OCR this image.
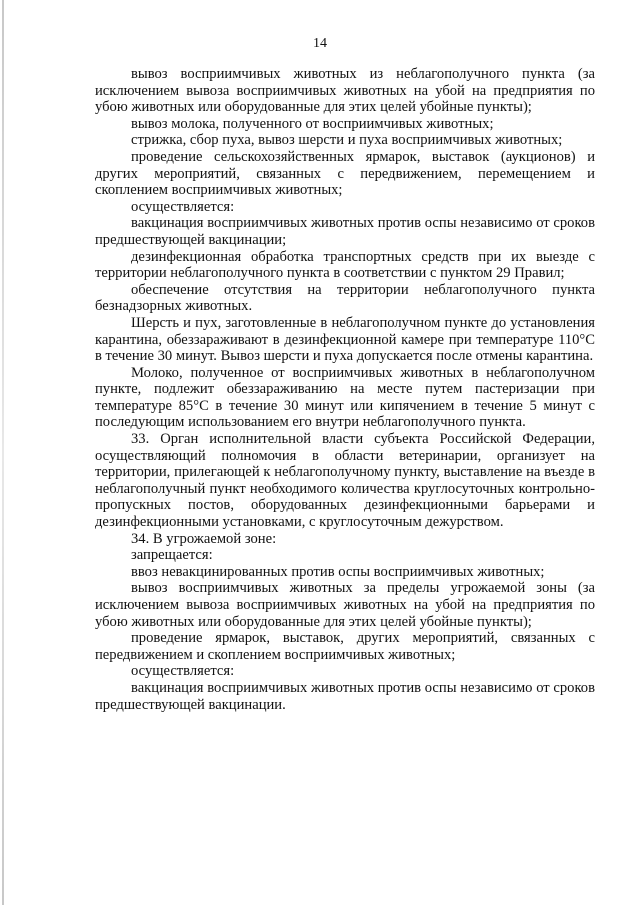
14

вывоз восприимчивых животных из неблагополучного пункта (за исключением вывоза восприимчивых животных на убой на предприятия по убою животных или оборудованные для этих целей убойные пункты);

вывоз молока, полученного от восприимчивых животных;

стрижка, сбор пуха, вывоз шерсти и пуха восприимчивых животных;

проведение сельскохозяйственных ярмарок, выставок (аукционов) и других мероприятий, связанных с передвижением, перемещением и скоплением восприимчивых животных;

осуществляется:

вакцинация восприимчивых животных против оспы независимо от сроков предшествующей вакцинации;

дезинфекционная обработка транспортных средств при их выезде с территории неблагополучного пункта в соответствии с пунктом 29 Правил;

обеспечение отсутствия на территории неблагополучного пункта безнадзорных животных.

Шерсть и пух, заготовленные в неблагополучном пункте до установления карантина, обеззараживают в дезинфекционной камере при температуре 110°С в течение 30 минут. Вывоз шерсти и пуха допускается после отмены карантина.

Молоко, полученное от восприимчивых животных в неблагополучном пункте, подлежит обеззараживанию на месте путем пастеризации при температуре 85°С в течение 30 минут или кипячением в течение 5 минут с последующим использованием его внутри неблагополучного пункта.

33. Орган исполнительной власти субъекта Российской Федерации, осуществляющий полномочия в области ветеринарии, организует на территории, прилегающей к неблагополучному пункту, выставление на въезде в неблагополучный пункт необходимого количества круглосуточных контрольно-пропускных постов, оборудованных дезинфекционными барьерами и дезинфекционными установками, с круглосуточным дежурством.

34. В угрожаемой зоне:

запрещается:

ввоз невакцинированных против оспы восприимчивых животных;

вывоз восприимчивых животных за пределы угрожаемой зоны (за исключением вывоза восприимчивых животных на убой на предприятия по убою животных или оборудованные для этих целей убойные пункты);

проведение ярмарок, выставок, других мероприятий, связанных с передвижением и скоплением восприимчивых животных;

осуществляется:

вакцинация восприимчивых животных против оспы независимо от сроков предшествующей вакцинации.
